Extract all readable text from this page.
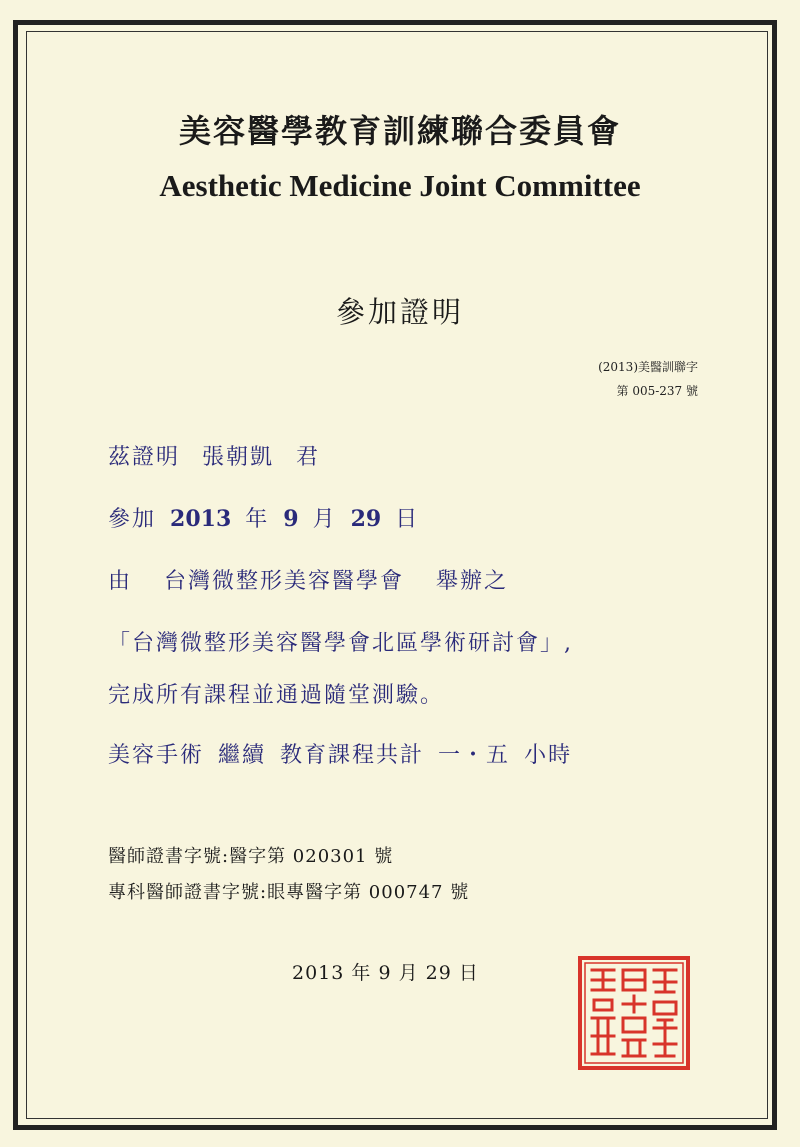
美容醫學教育訓練聯合委員會
Aesthetic Medicine Joint Committee
參加證明
(2013)美醫訓聯字
第 005-237 號
茲證明 張朝凱 君
參加 2013 年 9 月 29 日
由 台灣微整形美容醫學會 舉辦之
「台灣微整形美容醫學會北區學術研討會」,
完成所有課程並通過隨堂測驗。
美容手術 繼續 教育課程共計 一・五 小時
醫師證書字號:醫字第 020301 號
專科醫師證書字號:眼專醫字第 000747 號
2013 年 9 月 29 日
